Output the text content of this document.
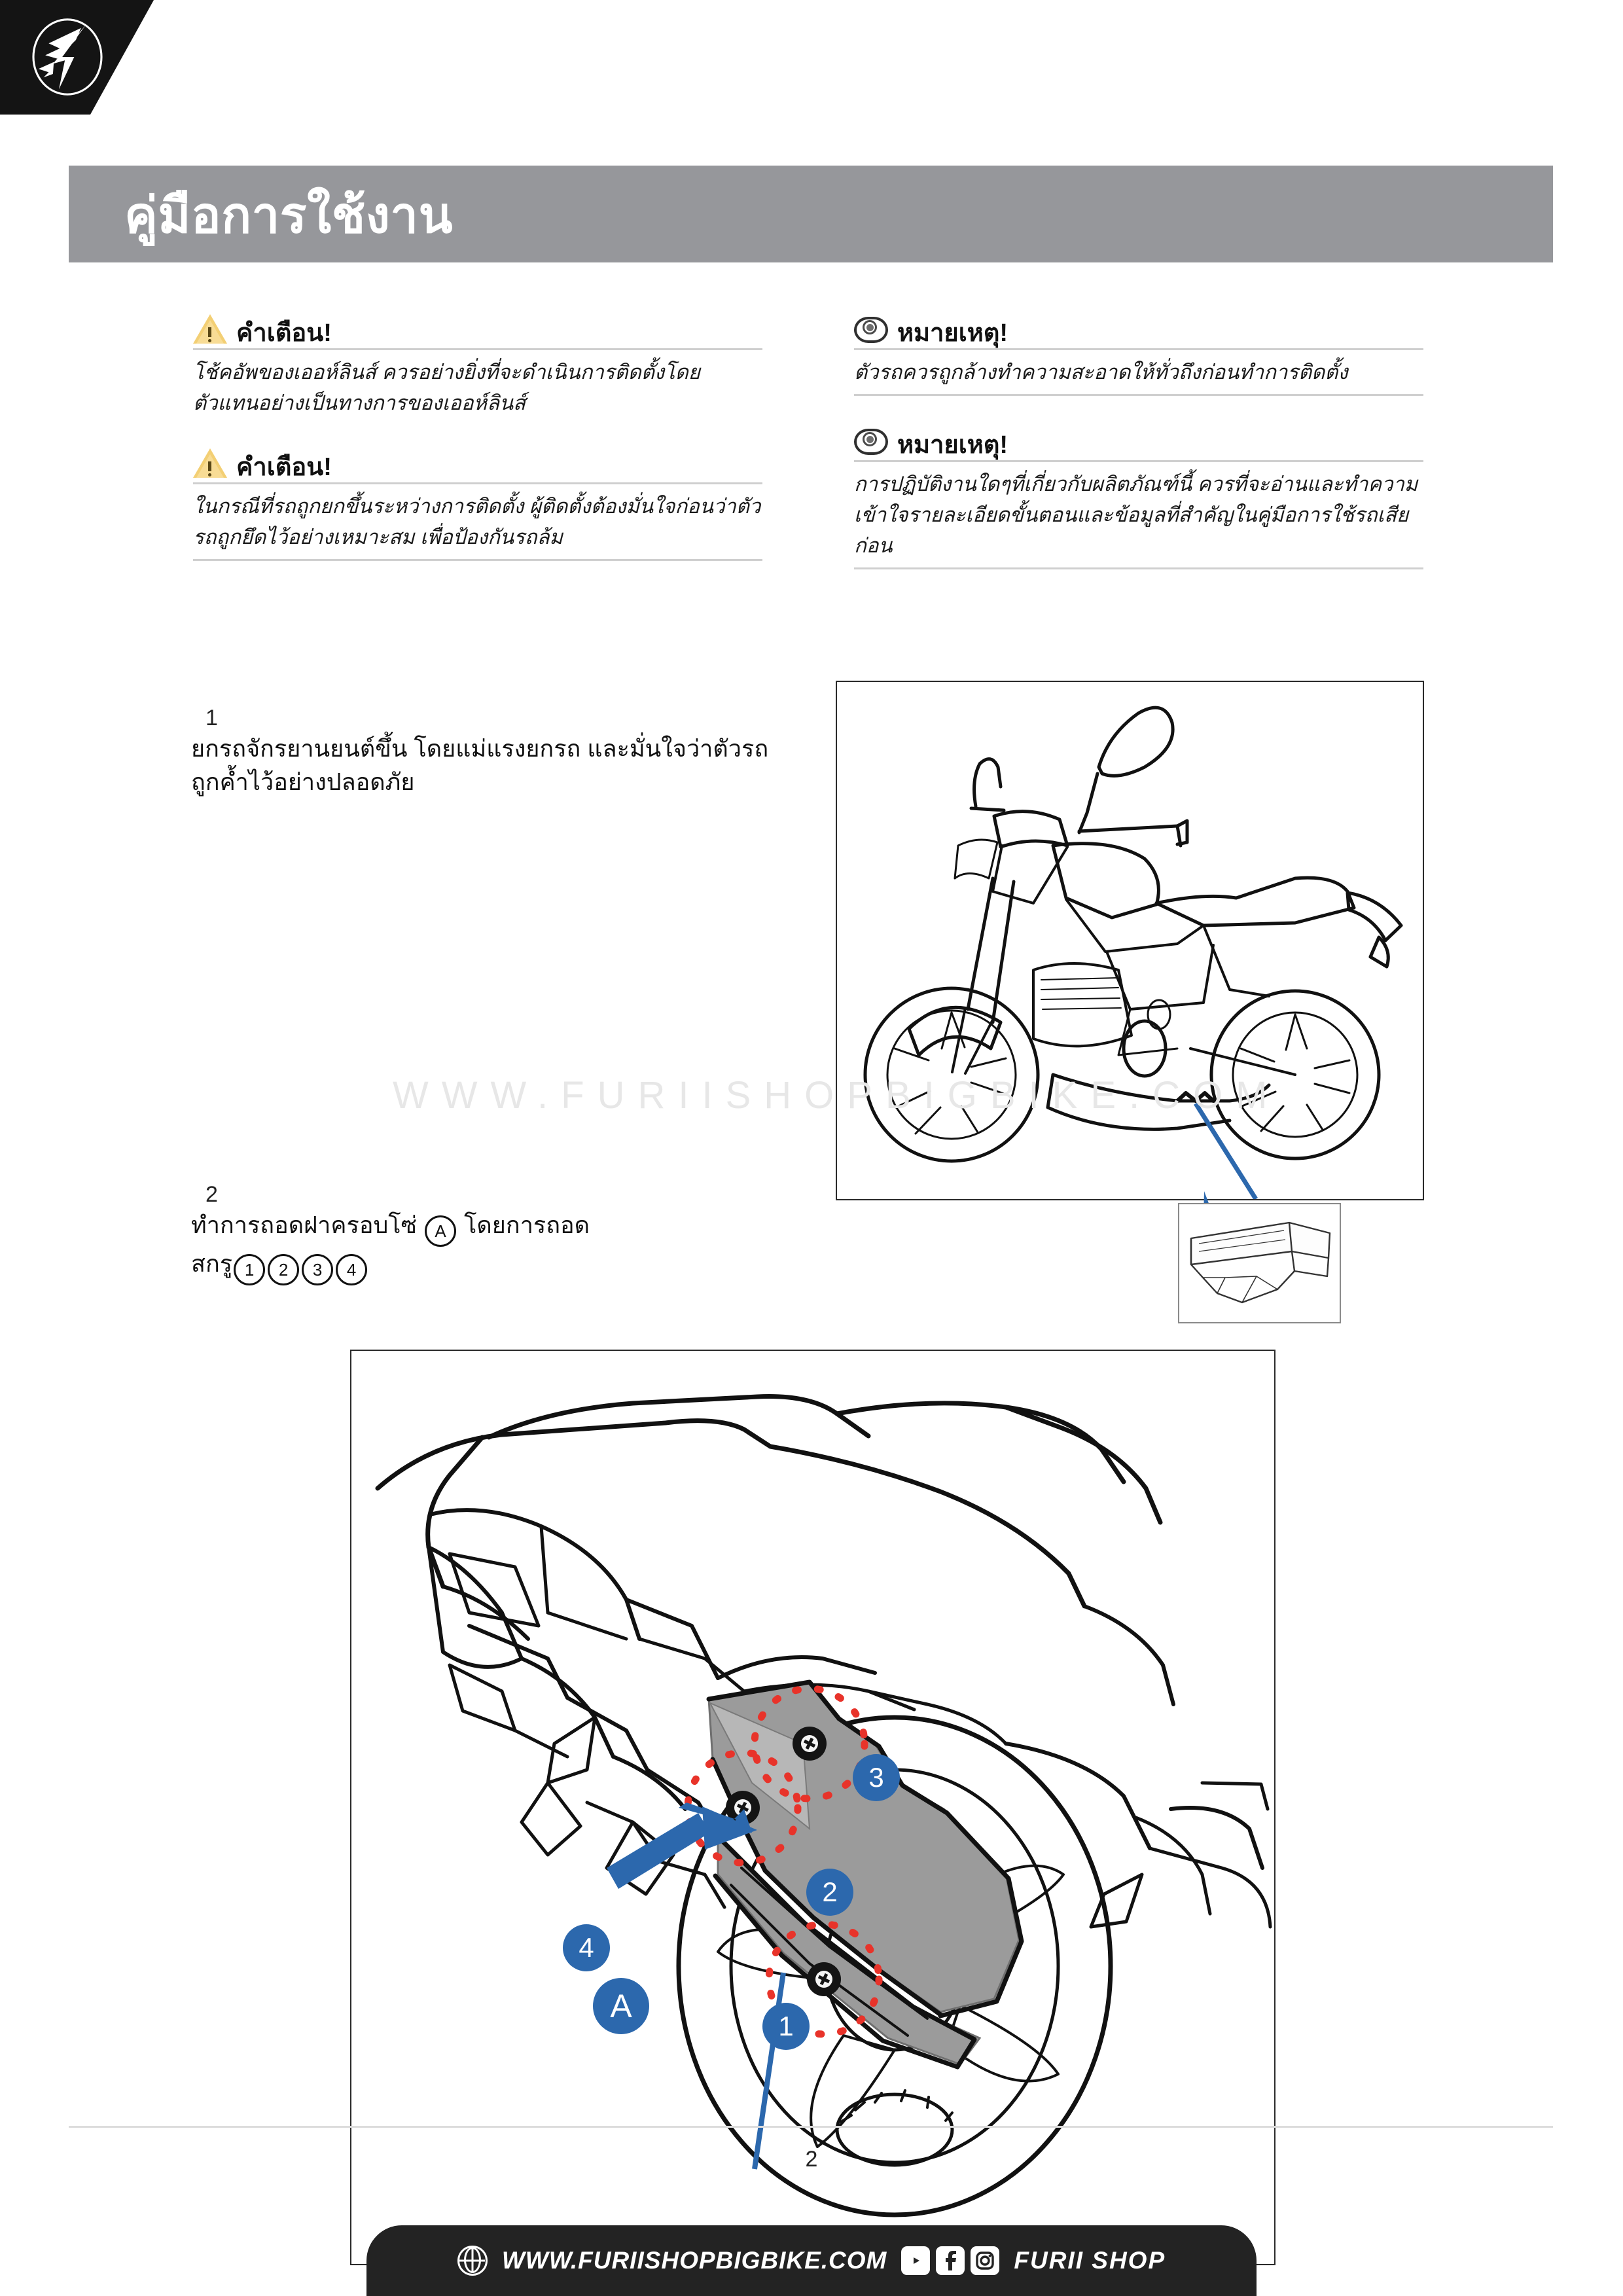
คู่มือการใช้งาน
คำเตือน!
โช้คอัพของเออห์ลินส์ ควรอย่างยิ่งที่จะดำเนินการติดตั้งโดยตัวแทนอย่างเป็นทางการของเออห์ลินส์
คำเตือน!
ในกรณีที่รถถูกยกขึ้นระหว่างการติดตั้ง ผู้ติดตั้งต้องมั่นใจก่อนว่าตัวรถถูกยึดไว้อย่างเหมาะสม เพื่อป้องกันรถล้ม
หมายเหตุ!
ตัวรถควรถูกล้างทำความสะอาดให้ทั่วถึงก่อนทำการติดตั้ง
หมายเหตุ!
การปฏิบัติงานใดๆที่เกี่ยวกับผลิตภัณฑ์นี้ ควรที่จะอ่านและทำความเข้าใจรายละเอียดขั้นตอนและข้อมูลที่สำคัญในคู่มือการใช้รถเสียก่อน
1
ยกรถจักรยานยนต์ขึ้น โดยแม่แรงยกรถ และมั่นใจว่าตัวรถถูกค้ำไว้อย่างปลอดภัย
WWW.FURIISHOPBIGBIKE.COM
2
ทำการถอดฝาครอบโซ่ A โดยการถอด
สกรู 1 2 3 4
3
2
1
4
A
2
WWW.FURIISHOPBIGBIKE.COM	FURII SHOP
